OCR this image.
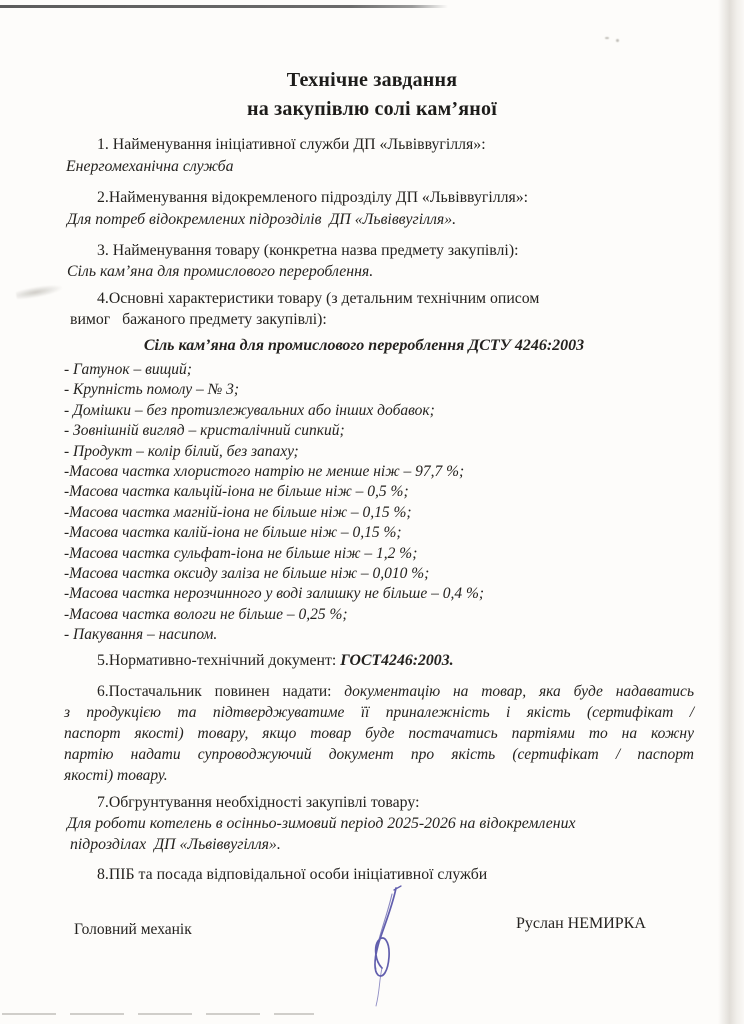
Технічне завдання
на закупівлю солі кам’яної
1. Найменування ініціативної служби ДП «Львіввугілля»:
Енергомеханічна служба
2.Найменування відокремленого підрозділу ДП «Львіввугілля»:
Для потреб відокремлених підрозділів  ДП «Львіввугілля».
3. Найменування товару (конкретна назва предмету закупівлі):
Сіль кам’яна для промислового перероблення.
4.Основні характеристики товару (з детальним технічним описом
вимог   бажаного предмету закупівлі):
Сіль кам’яна для промислового перероблення ДСТУ 4246:2003
- Гатунок – вищий;
- Крупність помолу – № 3;
- Домішки – без протизлежувальних або інших добавок;
- Зовнішній вигляд – кристалічний сипкий;
- Продукт – колір білий, без запаху;
-Масова частка хлористого натрію не менше ніж – 97,7 %;
-Масова частка кальцій-іона не більше ніж – 0,5 %;
-Масова частка магній-іона не більше ніж – 0,15 %;
-Масова частка калій-іона не більше ніж – 0,15 %;
-Масова частка сульфат-іона не більше ніж – 1,2 %;
-Масова частка оксиду заліза не більше ніж – 0,010 %;
-Масова частка нерозчинного у воді залишку не більше – 0,4 %;
-Масова частка вологи не більше – 0,25 %;
- Пакування – насипом.
5.Нормативно-технічний документ: ГОСТ4246:2003.
6.Постачальник повинен надати: документацію на товар, яка буде надаватись
з продукцією та підтверджуватиме її приналежність і якість (сертифікат /
паспорт якості) товару, якщо товар буде постачатись партіями то на кожну
партію надати супроводжуючий документ про якість (сертифікат / паспорт
якості) товару.
7.Обгрунтування необхідності закупівлі товару:
Для роботи котелень в осінньо-зимовий період 2025-2026 на відокремлених
підрозділах  ДП «Львіввугілля».
8.ПІБ та посада відповідальної особи ініціативної служби
Головний механік	Руслан НЕМИРКА
